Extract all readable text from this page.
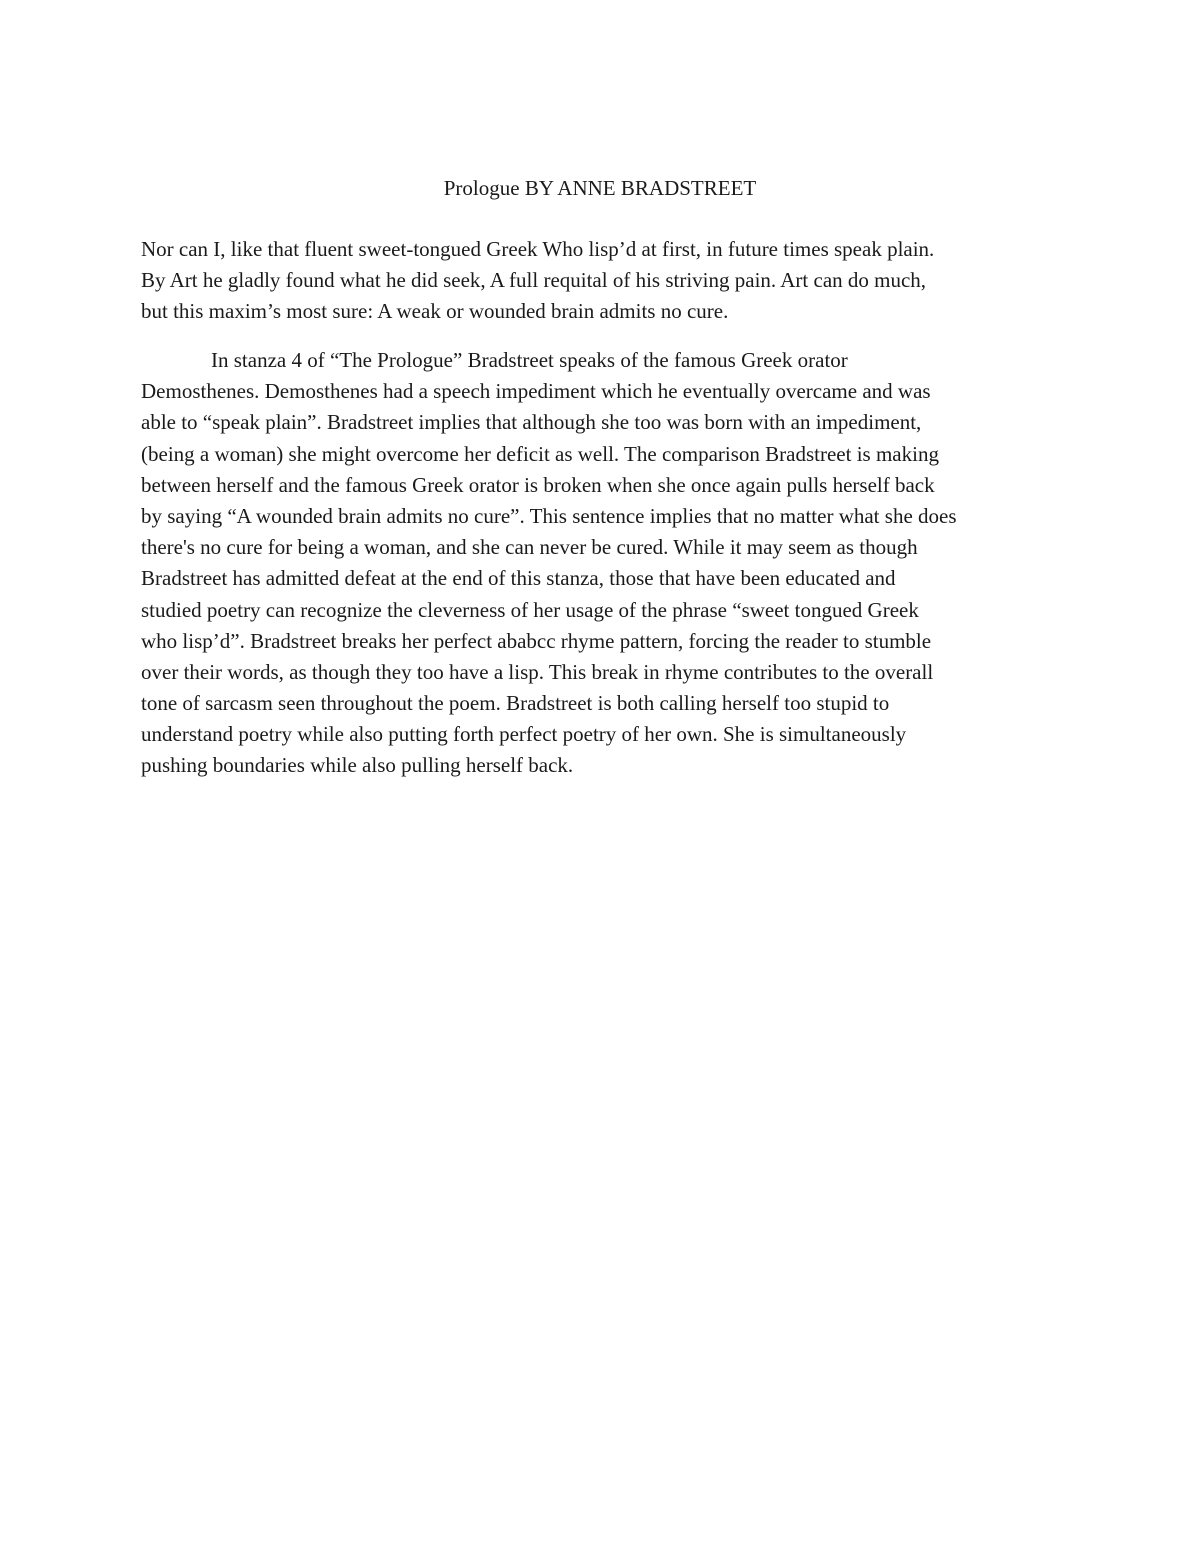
Prologue BY ANNE BRADSTREET
Nor can I, like that fluent sweet-tongued Greek Who lisp’d at first, in future times speak plain.
By Art he gladly found what he did seek, A full requital of his striving pain. Art can do much,
but this maxim’s most sure: A weak or wounded brain admits no cure.
In stanza 4 of “The Prologue” Bradstreet speaks of the famous Greek orator
Demosthenes. Demosthenes had a speech impediment which he eventually overcame and was
able to “speak plain”. Bradstreet implies that although she too was born with an impediment,
(being a woman) she might overcome her deficit as well. The comparison Bradstreet is making
between herself and the famous Greek orator is broken when she once again pulls herself back
by saying “A wounded brain admits no cure”. This sentence implies that no matter what she does
there's no cure for being a woman, and she can never be cured. While it may seem as though
Bradstreet has admitted defeat at the end of this stanza, those that have been educated and
studied poetry can recognize the cleverness of her usage of the phrase “sweet tongued Greek
who lisp’d”. Bradstreet breaks her perfect ababcc rhyme pattern, forcing the reader to stumble
over their words, as though they too have a lisp. This break in rhyme contributes to the overall
tone of sarcasm seen throughout the poem. Bradstreet is both calling herself too stupid to
understand poetry while also putting forth perfect poetry of her own. She is simultaneously
pushing boundaries while also pulling herself back.
